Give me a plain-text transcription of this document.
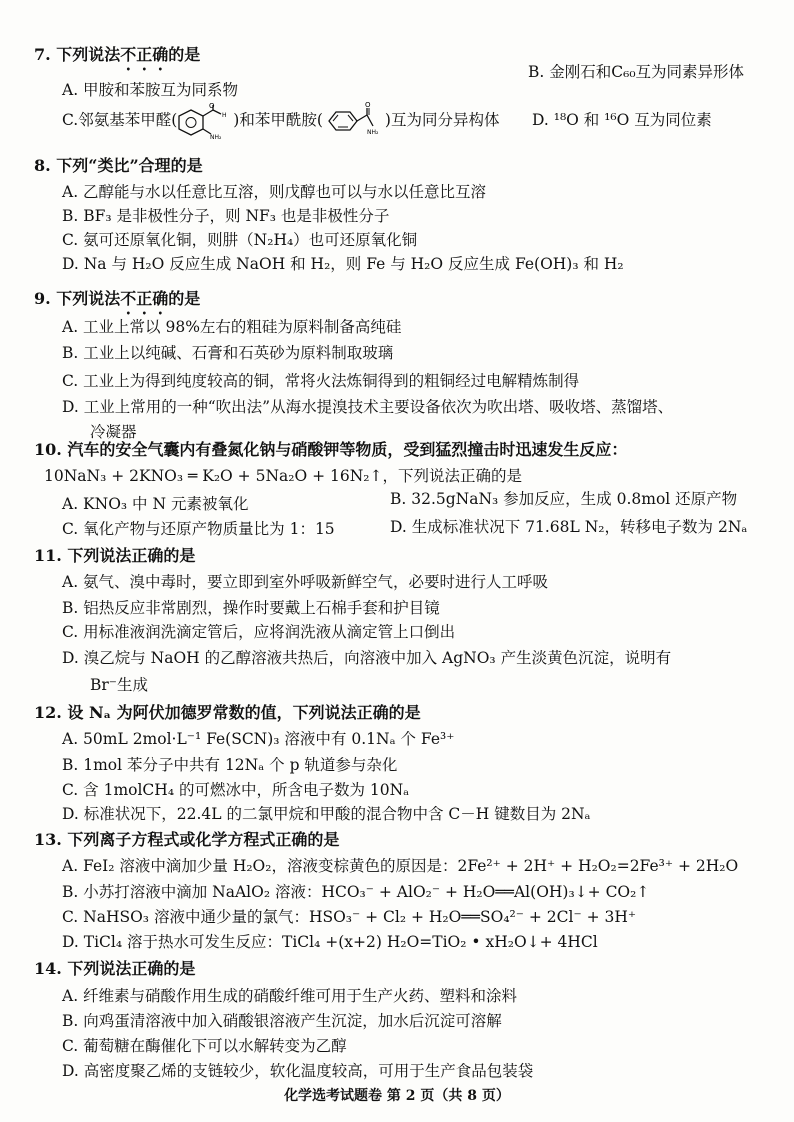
7. 下列说法不正确的是
B. 金刚石和C₆₀互为同素异形体
A. 甲胺和苯胺互为同系物
C.邻氨基苯甲醛(
O
H
NH₂
)和苯甲酰胺(
O
NH₂
)互为同分异构体 D. ¹⁸O 和 ¹⁶O 互为同位素
8. 下列“类比”合理的是
A. 乙醇能与水以任意比互溶，则戊醇也可以与水以任意比互溶
B. BF₃ 是非极性分子，则 NF₃ 也是非极性分子
C. 氨可还原氧化铜，则肼（N₂H₄）也可还原氧化铜
D. Na 与 H₂O 反应生成 NaOH 和 H₂，则 Fe 与 H₂O 反应生成 Fe(OH)₃ 和 H₂
9. 下列说法不正确的是
A. 工业上常以 98%左右的粗硅为原料制备高纯硅
B. 工业上以纯碱、石膏和石英砂为原料制取玻璃
C. 工业上为得到纯度较高的铜，常将火法炼铜得到的粗铜经过电解精炼制得
D. 工业上常用的一种“吹出法”从海水提溴技术主要设备依次为吹出塔、吸收塔、蒸馏塔、
冷凝器
10. 汽车的安全气囊内有叠氮化钠与硝酸钾等物质，受到猛烈撞击时迅速发生反应：
10NaN₃ + 2KNO₃ ═ K₂O + 5Na₂O + 16N₂↑，下列说法正确的是
A. KNO₃ 中 N 元素被氧化	B. 32.5gNaN₃ 参加反应，生成 0.8mol 还原产物
C. 氧化产物与还原产物质量比为 1：15	D. 生成标准状况下 71.68L N₂，转移电子数为 2Nₐ
11. 下列说法正确的是
A. 氨气、溴中毒时，要立即到室外呼吸新鲜空气，必要时进行人工呼吸
B. 铝热反应非常剧烈，操作时要戴上石棉手套和护目镜
C. 用标准液润洗滴定管后，应将润洗液从滴定管上口倒出
D. 溴乙烷与 NaOH 的乙醇溶液共热后，向溶液中加入 AgNO₃ 产生淡黄色沉淀，说明有
Br⁻生成
12. 设 Nₐ 为阿伏加德罗常数的值，下列说法正确的是
A. 50mL 2mol·L⁻¹ Fe(SCN)₃ 溶液中有 0.1Nₐ 个 Fe³⁺
B. 1mol 苯分子中共有 12Nₐ 个 p 轨道参与杂化
C. 含 1molCH₄ 的可燃冰中，所含电子数为 10Nₐ
D. 标准状况下，22.4L 的二氯甲烷和甲酸的混合物中含 C－H 键数目为 2Nₐ
13. 下列离子方程式或化学方程式正确的是
A. FeI₂ 溶液中滴加少量 H₂O₂，溶液变棕黄色的原因是：2Fe²⁺ + 2H⁺ + H₂O₂=2Fe³⁺ + 2H₂O
B. 小苏打溶液中滴加 NaAlO₂ 溶液：HCO₃⁻ + AlO₂⁻ + H₂O══Al(OH)₃↓+ CO₂↑
C. NaHSO₃ 溶液中通少量的氯气：HSO₃⁻ + Cl₂ + H₂O══SO₄²⁻ + 2Cl⁻ + 3H⁺
D. TiCl₄ 溶于热水可发生反应：TiCl₄ +(x+2) H₂O=TiO₂ • xH₂O↓+ 4HCl
14. 下列说法正确的是
A. 纤维素与硝酸作用生成的硝酸纤维可用于生产火药、塑料和涂料
B. 向鸡蛋清溶液中加入硝酸银溶液产生沉淀，加水后沉淀可溶解
C. 葡萄糖在酶催化下可以水解转变为乙醇
D. 高密度聚乙烯的支链较少，软化温度较高，可用于生产食品包装袋
化学选考试题卷 第 2 页（共 8 页）
